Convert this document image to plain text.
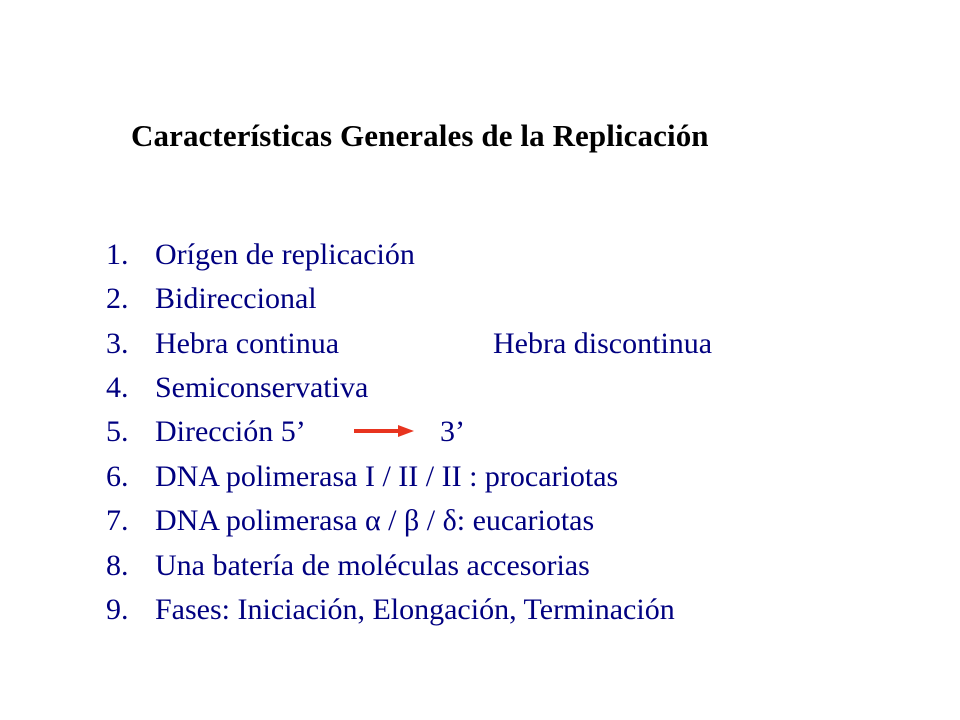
Características Generales de la Replicación
1. Orígen de replicación
2. Bidireccional
3. Hebra continua	Hebra discontinua
4. Semiconservativa
5. Dirección 5’	3’
6. DNA polimerasa I / II / II : procariotas
7. DNA polimerasa α / β / δ: eucariotas
8. Una batería de moléculas accesorias
9. Fases: Iniciación, Elongación, Terminación
